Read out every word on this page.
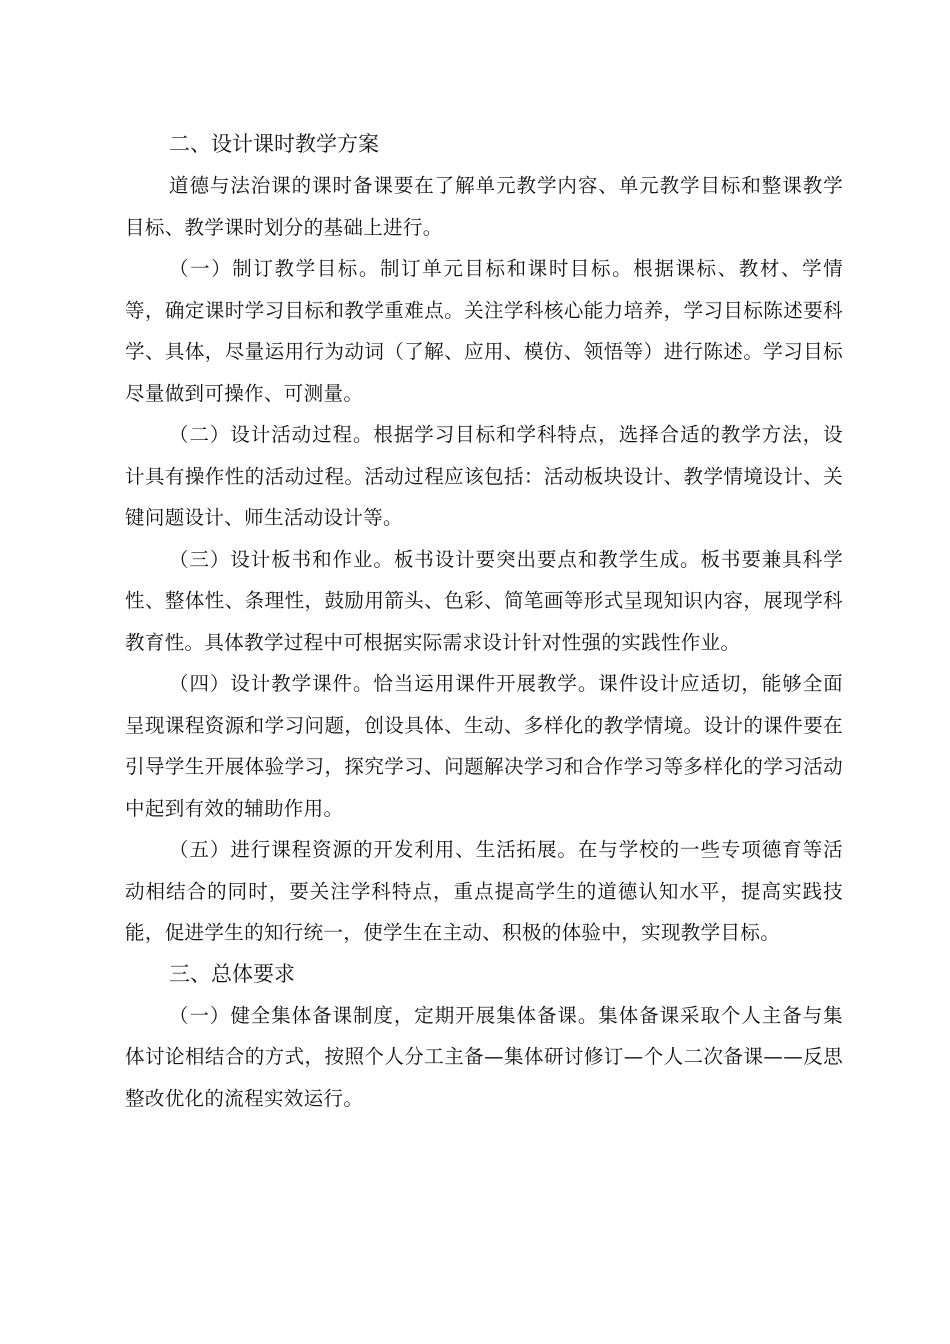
二、设计课时教学方案

道德与法治课的课时备课要在了解单元教学内容、单元教学目标和整课教学目标、教学课时划分的基础上进行。

（一）制订教学目标。制订单元目标和课时目标。根据课标、教材、学情等，确定课时学习目标和教学重难点。关注学科核心能力培养，学习目标陈述要科学、具体，尽量运用行为动词（了解、应用、模仿、领悟等）进行陈述。学习目标尽量做到可操作、可测量。

（二）设计活动过程。根据学习目标和学科特点，选择合适的教学方法，设计具有操作性的活动过程。活动过程应该包括：活动板块设计、教学情境设计、关键问题设计、师生活动设计等。

（三）设计板书和作业。板书设计要突出要点和教学生成。板书要兼具科学性、整体性、条理性，鼓励用箭头、色彩、简笔画等形式呈现知识内容，展现学科教育性。具体教学过程中可根据实际需求设计针对性强的实践性作业。

（四）设计教学课件。恰当运用课件开展教学。课件设计应适切，能够全面呈现课程资源和学习问题，创设具体、生动、多样化的教学情境。设计的课件要在引导学生开展体验学习，探究学习、问题解决学习和合作学习等多样化的学习活动中起到有效的辅助作用。

（五）进行课程资源的开发利用、生活拓展。在与学校的一些专项德育等活动相结合的同时，要关注学科特点，重点提高学生的道德认知水平，提高实践技能，促进学生的知行统一，使学生在主动、积极的体验中，实现教学目标。

三、总体要求

（一）健全集体备课制度，定期开展集体备课。集体备课采取个人主备与集体讨论相结合的方式，按照个人分工主备—集体研讨修订—个人二次备课——反思整改优化的流程实效运行。
